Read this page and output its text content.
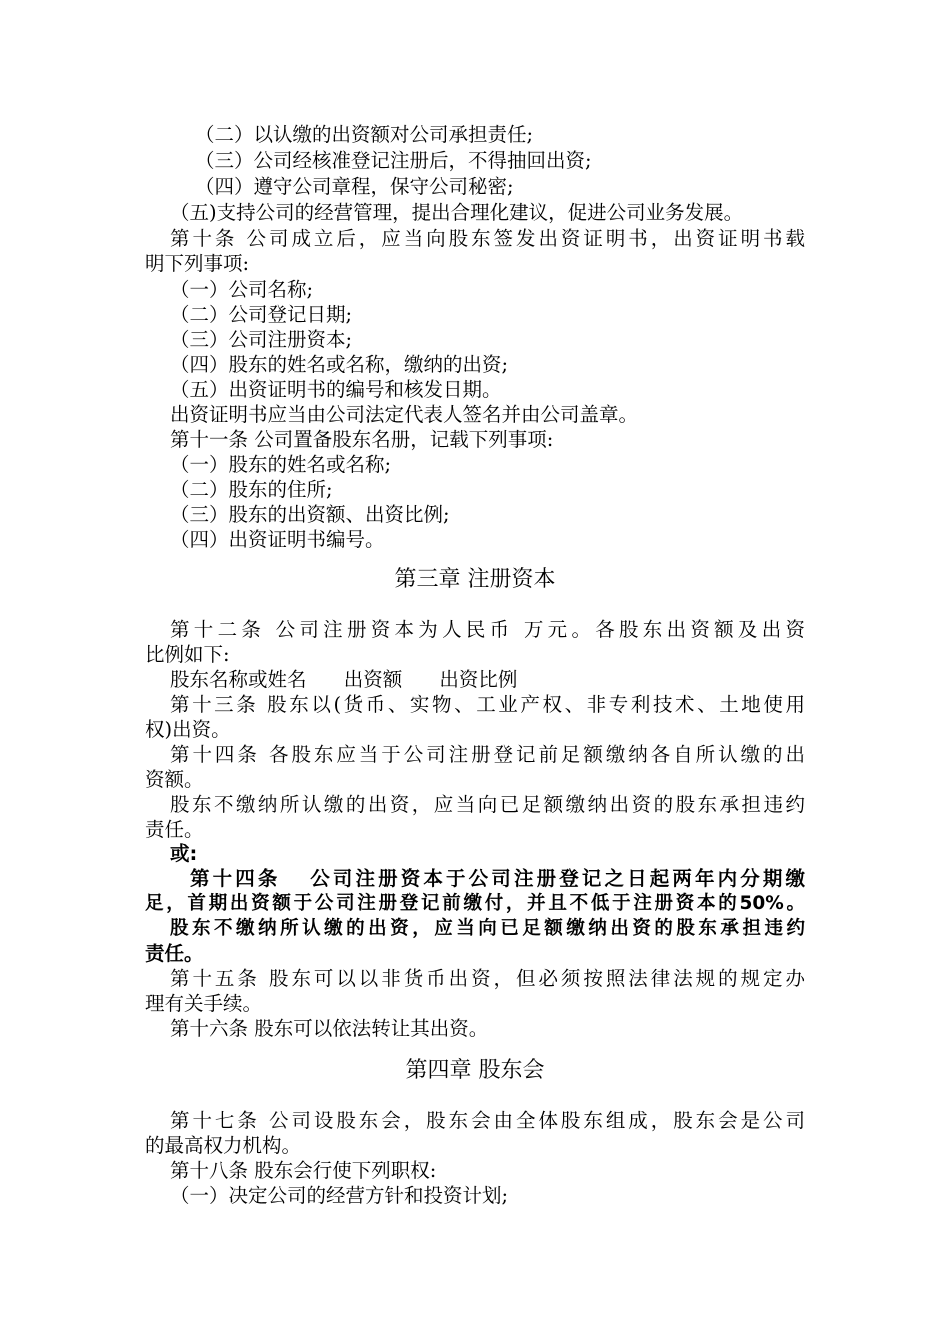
（二）以认缴的出资额对公司承担责任;
（三）公司经核准登记注册后，不得抽回出资;
（四）遵守公司章程，保守公司秘密;
（五)支持公司的经营管理，提出合理化建议，促进公司业务发展。
第十条 公司成立后，应当向股东签发出资证明书，出资证明书载
明下列事项:
（一）公司名称;
（二）公司登记日期;
（三）公司注册资本;
（四）股东的姓名或名称，缴纳的出资;
（五）出资证明书的编号和核发日期。
出资证明书应当由公司法定代表人签名并由公司盖章。
第十一条 公司置备股东名册，记载下列事项:
（一）股东的姓名或名称;
（二）股东的住所;
（三）股东的出资额、出资比例;
（四）出资证明书编号。
第三章 注册资本
第十二条 公司注册资本为人民币 万元。各股东出资额及出资
比例如下:
股东名称或姓名      出资额      出资比例
第十三条 股东以(货币、实物、工业产权、非专利技术、土地使用
权)出资。
第十四条 各股东应当于公司注册登记前足额缴纳各自所认缴的出
资额。
股东不缴纳所认缴的出资，应当向已足额缴纳出资的股东承担违约
责任。
或:
第十四条   公司注册资本于公司注册登记之日起两年内分期缴
足，首期出资额于公司注册登记前缴付，并且不低于注册资本的50%。
股东不缴纳所认缴的出资，应当向已足额缴纳出资的股东承担违约
责任。
第十五条 股东可以以非货币出资，但必须按照法律法规的规定办
理有关手续。
第十六条 股东可以依法转让其出资。
第四章 股东会
第十七条 公司设股东会，股东会由全体股东组成，股东会是公司
的最高权力机构。
第十八条 股东会行使下列职权:
（一）决定公司的经营方针和投资计划;
